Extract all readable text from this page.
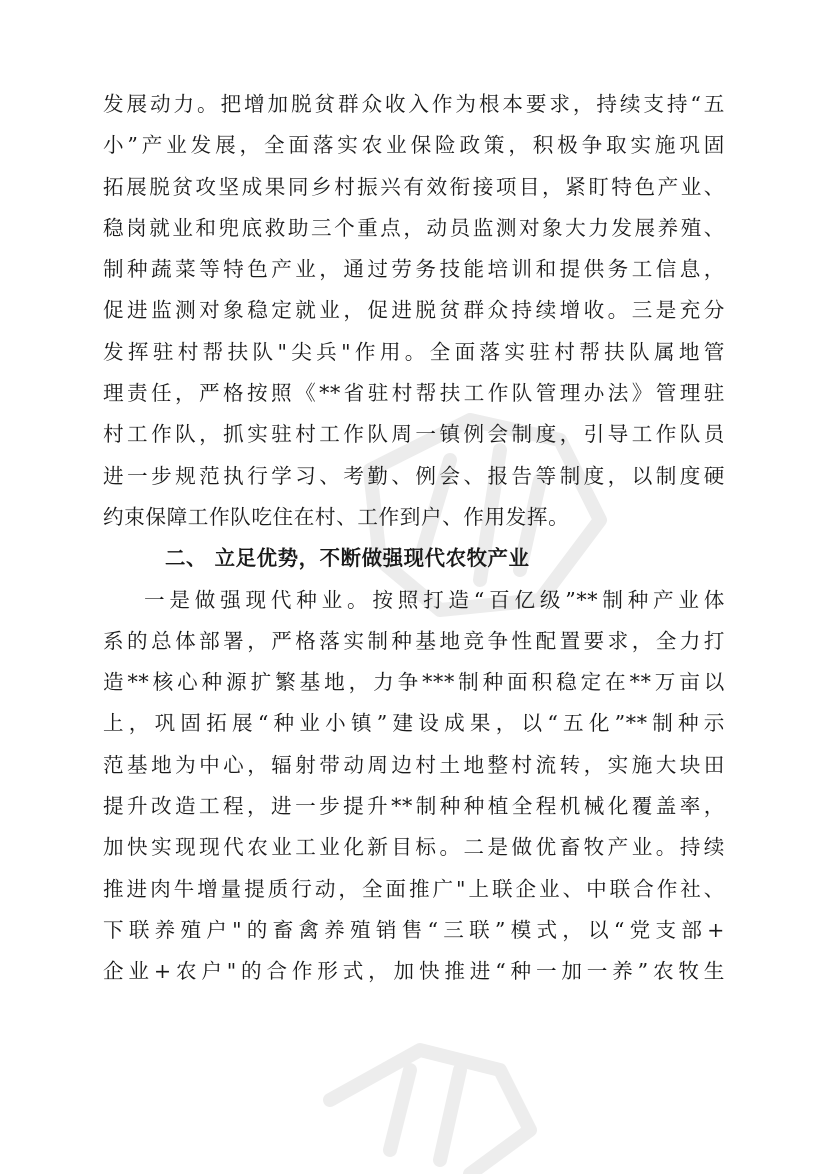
发展动力。把增加脱贫群众收入作为根本要求，持续支持“五
小”产业发展，全面落实农业保险政策，积极争取实施巩固
拓展脱贫攻坚成果同乡村振兴有效衔接项目，紧盯特色产业、
稳岗就业和兜底救助三个重点，动员监测对象大力发展养殖、
制种蔬菜等特色产业，通过劳务技能培训和提供务工信息，
促进监测对象稳定就业，促进脱贫群众持续增收。三是充分
发挥驻村帮扶队"尖兵"作用。全面落实驻村帮扶队属地管
理责任，严格按照《**省驻村帮扶工作队管理办法》管理驻
村工作队，抓实驻村工作队周一镇例会制度，引导工作队员
进一步规范执行学习、考勤、例会、报告等制度，以制度硬
约束保障工作队吃住在村、工作到户、作用发挥。
二、 立足优势，不断做强现代农牧产业
一是做强现代种业。按照打造“百亿级”**制种产业体
系的总体部署，严格落实制种基地竞争性配置要求，全力打
造**核心种源扩繁基地，力争***制种面积稳定在**万亩以
上，巩固拓展“种业小镇”建设成果，以“五化”**制种示
范基地为中心，辐射带动周边村土地整村流转，实施大块田
提升改造工程，进一步提升**制种种植全程机械化覆盖率，
加快实现现代农业工业化新目标。二是做优畜牧产业。持续
推进肉牛增量提质行动，全面推广"上联企业、中联合作社、
下联养殖户"的畜禽养殖销售“三联”模式，以“党支部+
企业+农户"的合作形式，加快推进“种一加一养”农牧生
